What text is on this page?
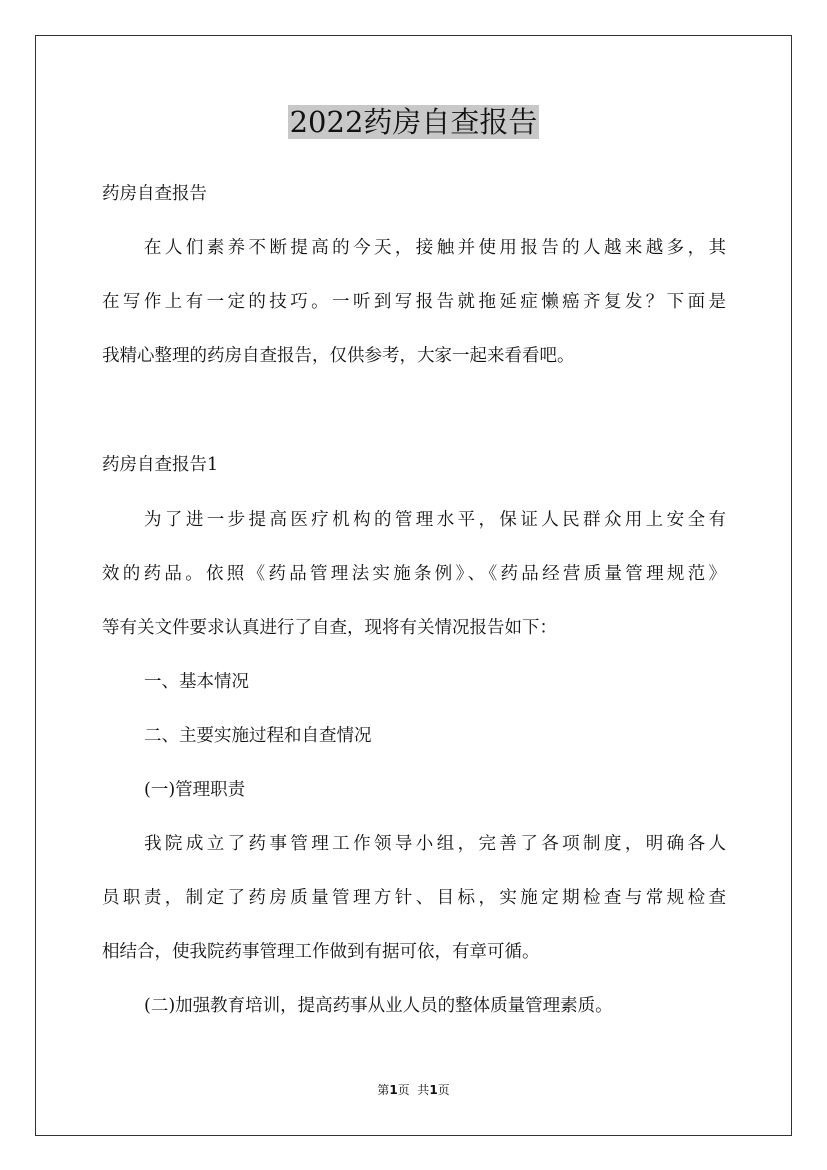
2022药房自查报告
药房自查报告
在人们素养不断提高的今天，接触并使用报告的人越来越多，其
在写作上有一定的技巧。一听到写报告就拖延症懒癌齐复发？下面是
我精心整理的药房自查报告，仅供参考，大家一起来看看吧。
药房自查报告1
为了进一步提高医疗机构的管理水平，保证人民群众用上安全有
效的药品。依照《药品管理法实施条例》、《药品经营质量管理规范》
等有关文件要求认真进行了自查，现将有关情况报告如下：
一、基本情况
二、主要实施过程和自查情况
(一)管理职责
我院成立了药事管理工作领导小组，完善了各项制度，明确各人
员职责，制定了药房质量管理方针、目标，实施定期检查与常规检查
相结合，使我院药事管理工作做到有据可依，有章可循。
(二)加强教育培训，提高药事从业人员的整体质量管理素质。
第1页  共1页
